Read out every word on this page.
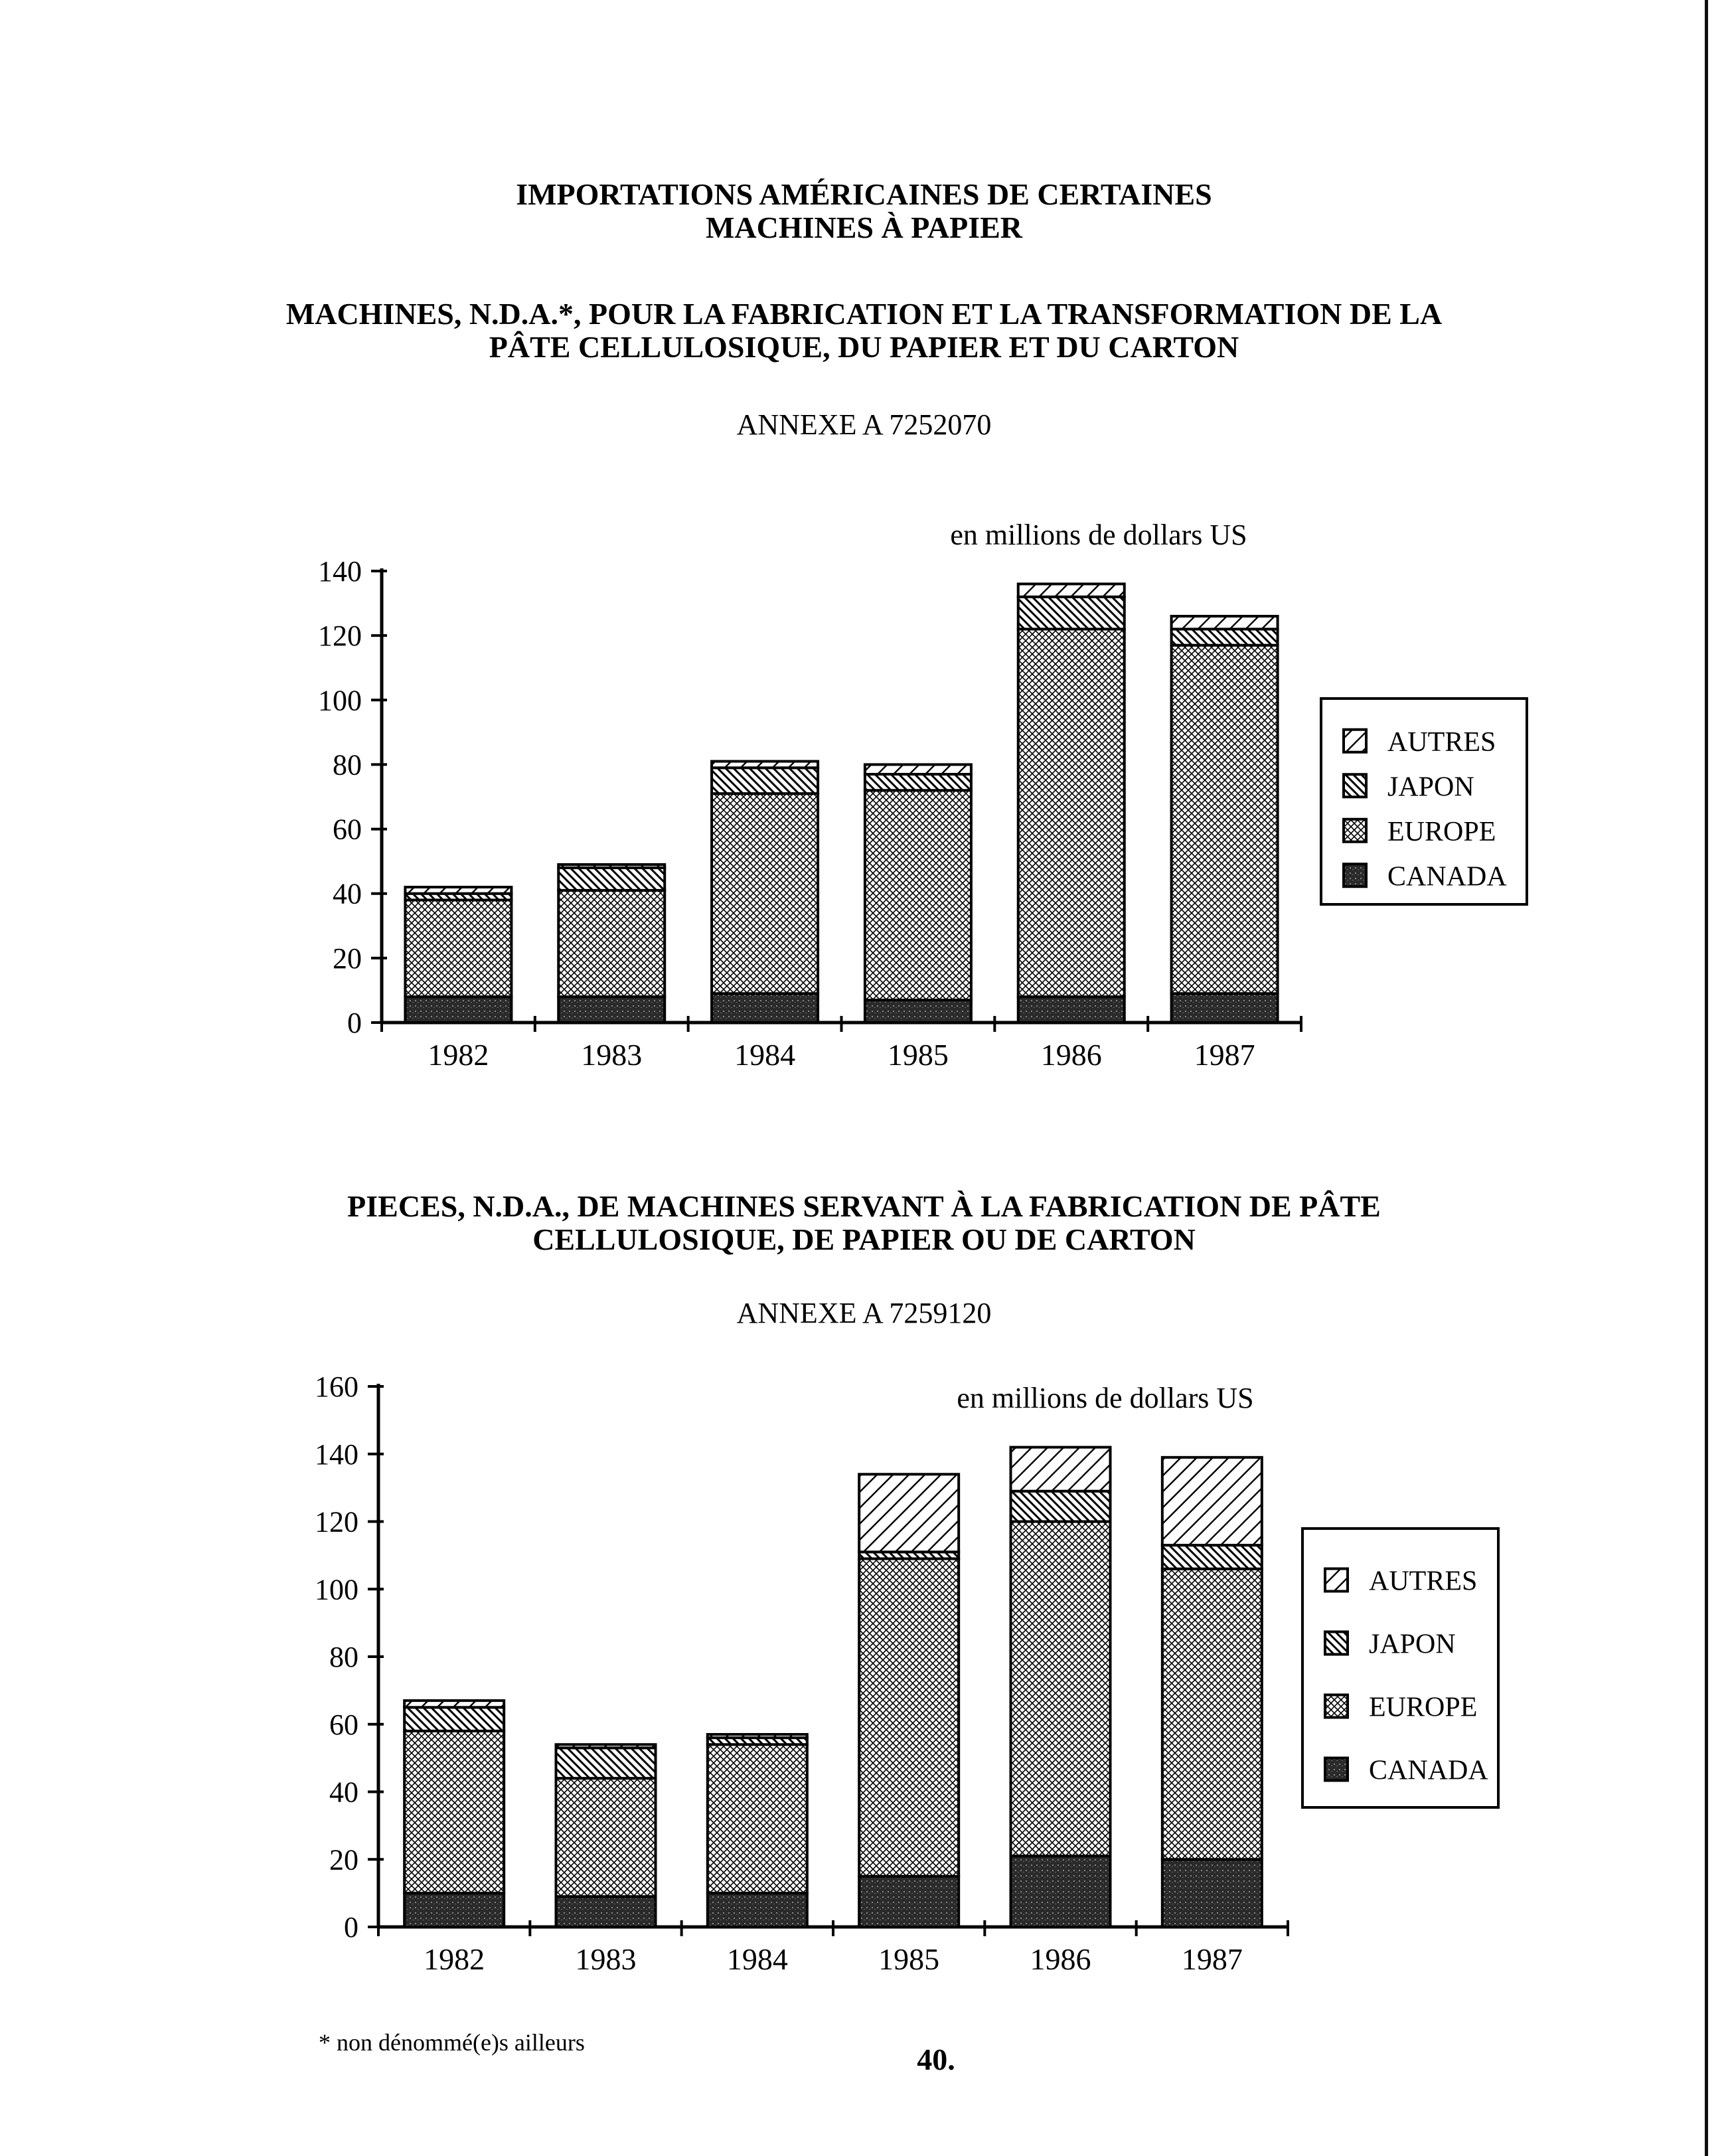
IMPORTATIONS AMÉRICAINES DE CERTAINES
MACHINES À PAPIER
MACHINES, N.D.A.*, POUR LA FABRICATION ET LA TRANSFORMATION DE LA
PÂTE CELLULOSIQUE, DU PAPIER ET DU CARTON
ANNEXE A 7252070
0
20
40
60
80
100
120
140
1982	1983	1984	1985	1986	1987
en millions de dollars US
AUTRES
JAPON
EUROPE
CANADA
PIECES, N.D.A., DE MACHINES SERVANT À LA FABRICATION DE PÂTE
CELLULOSIQUE, DE PAPIER OU DE CARTON
ANNEXE A 7259120
0
20
40
60
80
100
120
140
160
1982	1983	1984	1985	1986	1987
en millions de dollars US
AUTRES
JAPON
EUROPE
CANADA
* non dénommé(e)s ailleurs	40.
